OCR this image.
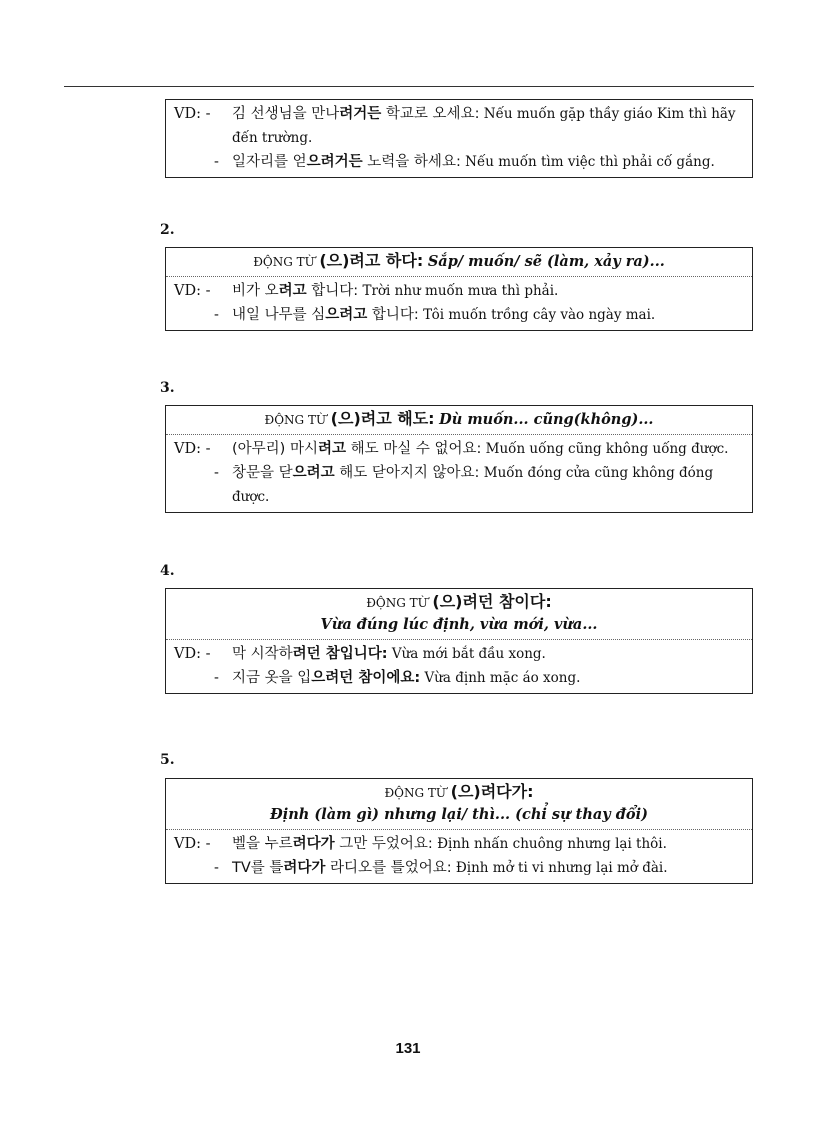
VD: -	김 선생님을 만나려거든 학교로 오세요: Nếu muốn gặp thầy giáo Kim thì hãy đến trường.
- 일자리를 얻으려거든 노력을 하세요: Nếu muốn tìm việc thì phải cố gắng.
2.
ĐỘNG TỪ (으)려고 하다: Sắp/ muốn/ sẽ (làm, xảy ra)...
VD: -	비가 오려고 합니다: Trời như muốn mưa thì phải.
- 내일 나무를 심으려고 합니다: Tôi muốn trồng cây vào ngày mai.
3.
ĐỘNG TỪ (으)려고 해도: Dù muốn... cũng(không)...
VD: -	(아무리) 마시려고 해도 마실 수 없어요: Muốn uống cũng không uống được.
- 창문을 닫으려고 해도 닫아지지 않아요: Muốn đóng cửa cũng không đóng được.
4.
ĐỘNG TỪ (으)려던 참이다:
Vừa đúng lúc định, vừa mới, vừa...
VD: -	막 시작하려던 참입니다: Vừa mới bắt đầu xong.
- 지금 옷을 입으려던 참이에요: Vừa định mặc áo xong.
5.
ĐỘNG TỪ (으)려다가:
Định (làm gì) nhưng lại/ thì... (chỉ sự thay đổi)
VD: -	벨을 누르려다가 그만 두었어요: Định nhấn chuông nhưng lại thôi.
- TV를 틀려다가 라디오를 틀었어요: Định mở ti vi nhưng lại mở đài.
131
